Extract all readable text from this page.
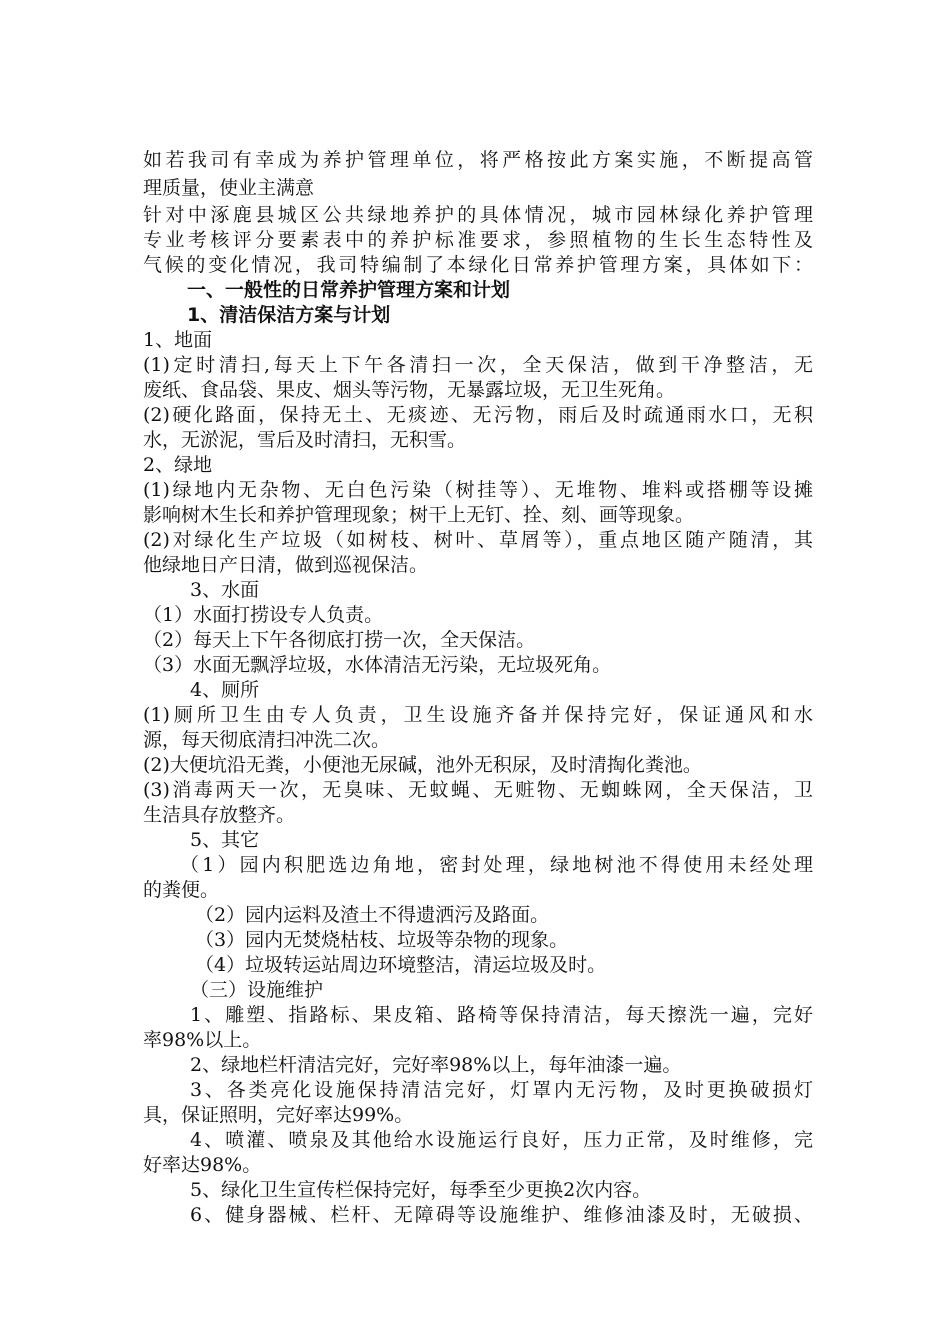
如若我司有幸成为养护管理单位，将严格按此方案实施，不断提高管
理质量，使业主满意
针对中涿鹿县城区公共绿地养护的具体情况，城市园林绿化养护管理
专业考核评分要素表中的养护标准要求，参照植物的生长生态特性及
气候的变化情况，我司特编制了本绿化日常养护管理方案，具体如下：
一、一般性的日常养护管理方案和计划
1、清洁保洁方案与计划
1、地面
(1)定时清扫,每天上下午各清扫一次，全天保洁，做到干净整洁，无
废纸、食品袋、果皮、烟头等污物，无暴露垃圾，无卫生死角。
(2)硬化路面，保持无土、无痰迹、无污物，雨后及时疏通雨水口，无积
水，无淤泥，雪后及时清扫，无积雪。
2、绿地
(1)绿地内无杂物、无白色污染（树挂等）、无堆物、堆料或搭棚等设摊
影响树木生长和养护管理现象；树干上无钉、拴、刻、画等现象。
(2)对绿化生产垃圾（如树枝、树叶、草屑等），重点地区随产随清，其
他绿地日产日清，做到巡视保洁。
3、水面
（1）水面打捞设专人负责。
（2）每天上下午各彻底打捞一次，全天保洁。
（3）水面无飘浮垃圾，水体清洁无污染，无垃圾死角。
4、厕所
(1)厕所卫生由专人负责，卫生设施齐备并保持完好，保证通风和水
源，每天彻底清扫冲洗二次。
(2)大便坑沿无粪，小便池无尿碱，池外无积尿，及时清掏化粪池。
(3)消毒两天一次，无臭味、无蚊蝇、无赃物、无蜘蛛网，全天保洁，卫
生洁具存放整齐。
5、其它
（1）园内积肥选边角地，密封处理，绿地树池不得使用未经处理
的粪便。
（2）园内运料及渣土不得遗洒污及路面。
（3）园内无焚烧枯枝、垃圾等杂物的现象。
（4）垃圾转运站周边环境整洁，清运垃圾及时。
（三）设施维护
1、雕塑、指路标、果皮箱、路椅等保持清洁，每天擦洗一遍，完好
率98%以上。
2、绿地栏杆清洁完好，完好率98%以上，每年油漆一遍。
3、各类亮化设施保持清洁完好，灯罩内无污物，及时更换破损灯
具，保证照明，完好率达99%。
4、喷灌、喷泉及其他给水设施运行良好，压力正常，及时维修，完
好率达98%。
5、绿化卫生宣传栏保持完好，每季至少更换2次内容。
6、健身器械、栏杆、无障碍等设施维护、维修油漆及时，无破损、
